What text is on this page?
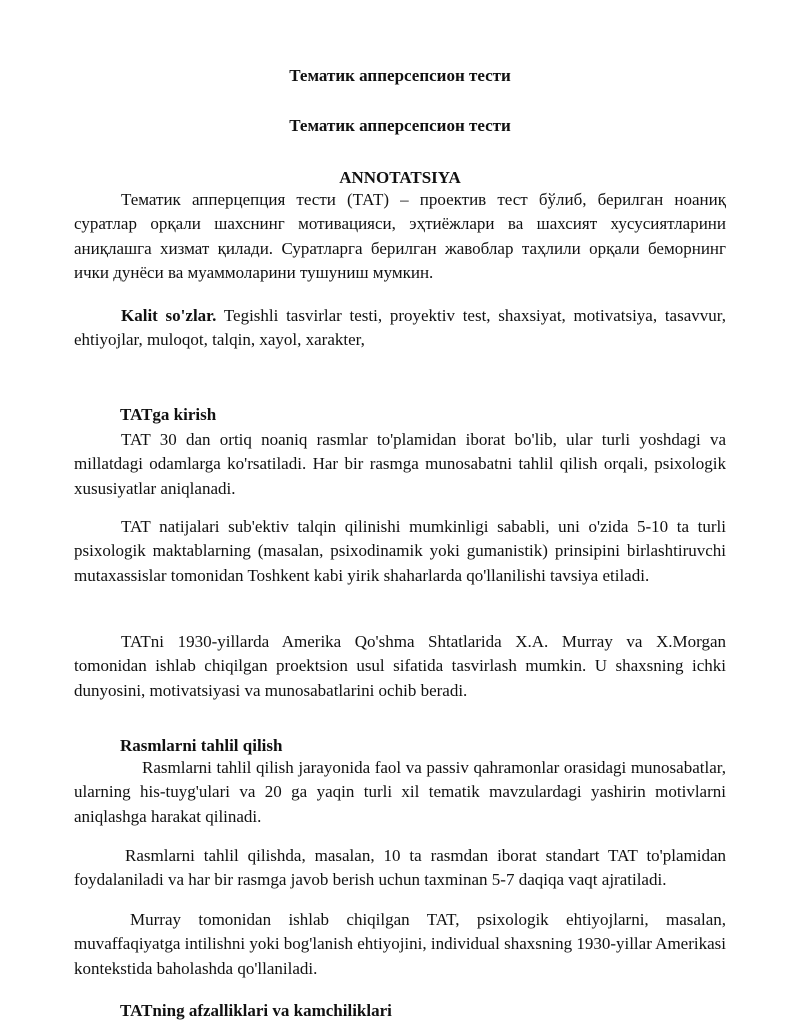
Тематик апперсепсион тести

Тематик апперсепсион тести

ANNOTATSIYA

Тематик апперцепция тести (ТАТ) – проектив тест бўлиб, берилган ноаниқ суратлар орқали шахснинг мотивацияси, эҳтиёжлари ва шахсият хусусиятларини аниқлашга хизмат қилади. Суратларга берилган жавоблар таҳлили орқали беморнинг ички дунёси ва муаммоларини тушуниш мумкин.

Kalit so'zlar. Tegishli tasvirlar testi, proyektiv test, shaxsiyat, motivatsiya, tasavvur, ehtiyojlar, muloqot, talqin, xayol, xarakter,

TATga kirish

TAT 30 dan ortiq noaniq rasmlar to'plamidan iborat bo'lib, ular turli yoshdagi va millatdagi odamlarga ko'rsatiladi. Har bir rasmga munosabatni tahlil qilish orqali, psixologik xususiyatlar aniqlanadi.

TAT natijalari sub'ektiv talqin qilinishi mumkinligi sababli, uni o'zida 5-10 ta turli psixologik maktablarning (masalan, psixodinamik yoki gumanistik) prinsipini birlashtiruvchi mutaxassislar tomonidan Toshkent kabi yirik shaharlarda qo'llanilishi tavsiya etiladi.

TATni 1930-yillarda Amerika Qo'shma Shtatlarida X.A. Murray va X.Morgan tomonidan ishlab chiqilgan proektsion usul sifatida tasvirlash mumkin. U shaxsning ichki dunyosini, motivatsiyasi va munosabatlarini ochib beradi.

Rasmlarni tahlil qilish

Rasmlarni tahlil qilish jarayonida faol va passiv qahramonlar orasidagi munosabatlar, ularning his-tuyg'ulari va 20 ga yaqin turli xil tematik mavzulardagi yashirin motivlarni aniqlashga harakat qilinadi.

Rasmlarni tahlil qilishda, masalan, 10 ta rasmdan iborat standart TAT to'plamidan foydalaniladi va har bir rasmga javob berish uchun taxminan 5-7 daqiqa vaqt ajratiladi.

Murray tomonidan ishlab chiqilgan TAT, psixologik ehtiyojlarni, masalan, muvaffaqiyatga intilishni yoki bog'lanish ehtiyojini, individual shaxsning 1930-yillar Amerikasi kontekstida baholashda qo'llaniladi.

TATning afzalliklari va kamchiliklari
